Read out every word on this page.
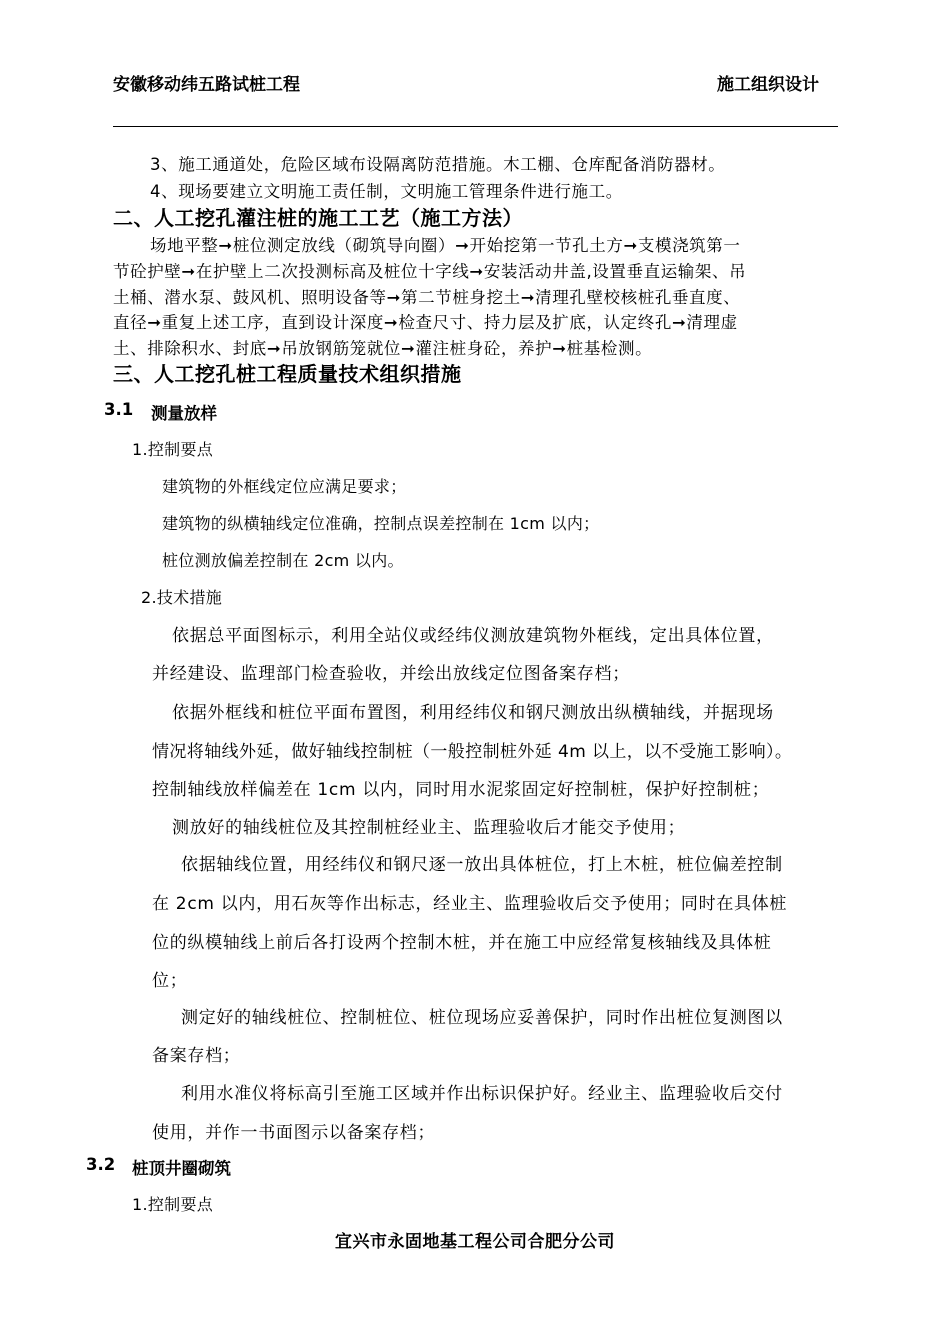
安徽移动纬五路试桩工程	施工组织设计
3、施工通道处，危险区域布设隔离防范措施。木工棚、仓库配备消防器材。
4、现场要建立文明施工责任制，文明施工管理条件进行施工。
二、人工挖孔灌注桩的施工工艺（施工方法）
场地平整➞桩位测定放线（砌筑导向圈）➞开始挖第一节孔土方➞支模浇筑第一
节砼护壁➞在护壁上二次投测标高及桩位十字线➞安装活动井盖,设置垂直运输架、吊
土桶、潜水泵、鼓风机、照明设备等➞第二节桩身挖土➞清理孔壁校核桩孔垂直度、
直径➞重复上述工序，直到设计深度➞检查尺寸、持力层及扩底，认定终孔➞清理虚
土、排除积水、封底➞吊放钢筋笼就位➞灌注桩身砼，养护➞桩基检测。
三、人工挖孔桩工程质量技术组织措施
3.1 测量放样
1.控制要点
建筑物的外框线定位应满足要求；
建筑物的纵横轴线定位准确，控制点误差控制在 1cm 以内；
桩位测放偏差控制在 2cm 以内。
2.技术措施
依据总平面图标示，利用全站仪或经纬仪测放建筑物外框线，定出具体位置，
并经建设、监理部门检查验收，并绘出放线定位图备案存档；
依据外框线和桩位平面布置图，利用经纬仪和钢尺测放出纵横轴线，并据现场
情况将轴线外延，做好轴线控制桩（一般控制桩外延 4m 以上，以不受施工影响）。
控制轴线放样偏差在 1cm 以内，同时用水泥浆固定好控制桩，保护好控制桩；
测放好的轴线桩位及其控制桩经业主、监理验收后才能交予使用；
依据轴线位置，用经纬仪和钢尺逐一放出具体桩位，打上木桩，桩位偏差控制
在 2cm 以内，用石灰等作出标志，经业主、监理验收后交予使用；同时在具体桩
位的纵模轴线上前后各打设两个控制木桩，并在施工中应经常复核轴线及具体桩
位；
测定好的轴线桩位、控制桩位、桩位现场应妥善保护，同时作出桩位复测图以
备案存档；
利用水准仪将标高引至施工区域并作出标识保护好。经业主、监理验收后交付
使用，并作一书面图示以备案存档；
3.2 桩顶井圈砌筑
1.控制要点
宜兴市永固地基工程公司合肥分公司
